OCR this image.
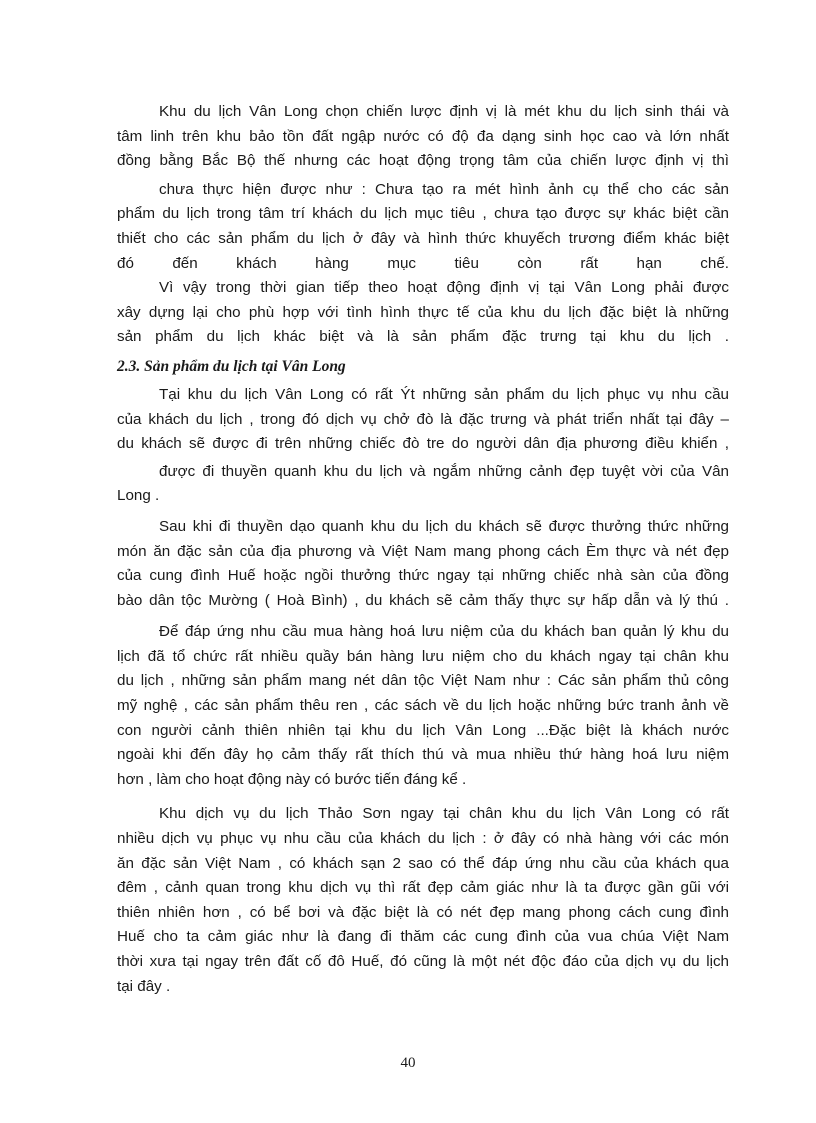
Khu du lịch Vân Long chọn chiến lược định vị là mét khu du lịch sinh thái và
tâm linh trên khu bảo tồn đất ngập nước có độ đa dạng sinh học cao và lớn nhất
đồng bằng Bắc Bộ thế nhưng các hoạt động trọng tâm của chiến lược định vị thì

chưa thực hiện được như : Chưa tạo ra mét hình ảnh cụ thể cho các sản
phẩm du lịch trong tâm trí khách du lịch mục tiêu , chưa tạo được sự khác biệt cần
thiết cho các sản phẩm du lịch ở đây và hình thức khuyếch trương điểm khác biệt
đó đến khách hàng mục tiêu còn rất hạn chế.

Vì vậy trong thời gian tiếp theo hoạt động định vị tại Vân Long phải được
xây dựng lại cho phù hợp với tình hình thực tế của khu du lịch đặc biệt là những
sản phẩm du lịch khác biệt và là sản phẩm đặc trưng tại khu du lịch .

2.3. Sản phẩm du lịch tại Vân Long

Tại khu du lịch Vân Long có rất Ýt những sản phẩm du lịch phục vụ nhu cầu
của khách du lịch , trong đó dịch vụ chở đò là đặc trưng và phát triển nhất tại đây –
du khách sẽ được đi trên những chiếc đò tre do người dân địa phương điều khiển ,

được đi thuyền quanh khu du lịch và ngắm những cảnh đẹp tuyệt vời của Vân
Long .

Sau khi đi thuyền dạo quanh khu du lịch du khách sẽ được thưởng thức những
món ăn đặc sản của địa phương và Việt Nam mang phong cách Èm thực và nét đẹp
của cung đình Huế hoặc ngồi thưởng thức ngay tại những chiếc nhà sàn của đồng
bào dân tộc Mường ( Hoà Bình) , du khách sẽ cảm thấy thực sự hấp dẫn và lý thú .

Để đáp ứng nhu cầu mua hàng hoá lưu niệm của du khách ban quản lý khu du
lịch đã tổ chức rất nhiều quầy bán hàng lưu niệm cho du khách ngay tại chân khu
du lịch , những sản phẩm mang nét dân tộc Việt Nam như : Các sản phẩm thủ công
mỹ nghệ , các sản phẩm thêu ren , các sách về du lịch hoặc những bức tranh ảnh về
con người cảnh thiên nhiên tại khu du lịch Vân Long ...Đặc biệt là khách nước
ngoài khi đến đây họ cảm thấy rất thích thú và mua nhiều thứ hàng hoá lưu niệm
hơn , làm cho hoạt động này có bước tiến đáng kể .

Khu dịch vụ du lịch Thảo Sơn ngay tại chân khu du lịch Vân Long có rất
nhiều dịch vụ phục vụ nhu cầu của khách du lịch : ở đây có nhà hàng với các món
ăn đặc sản Việt Nam , có khách sạn 2 sao có thể đáp ứng nhu cầu của khách qua
đêm , cảnh quan trong khu dịch vụ thì rất đẹp cảm giác như là ta được gần gũi với
thiên nhiên hơn , có bể bơi và đặc biệt là có nét đẹp mang phong cách cung đình
Huế cho ta cảm giác như là đang đi thăm các cung đình của vua chúa Việt Nam
thời xưa tại ngay trên đất cố đô Huế, đó cũng là một nét độc đáo của dịch vụ du lịch
tại đây .

40
